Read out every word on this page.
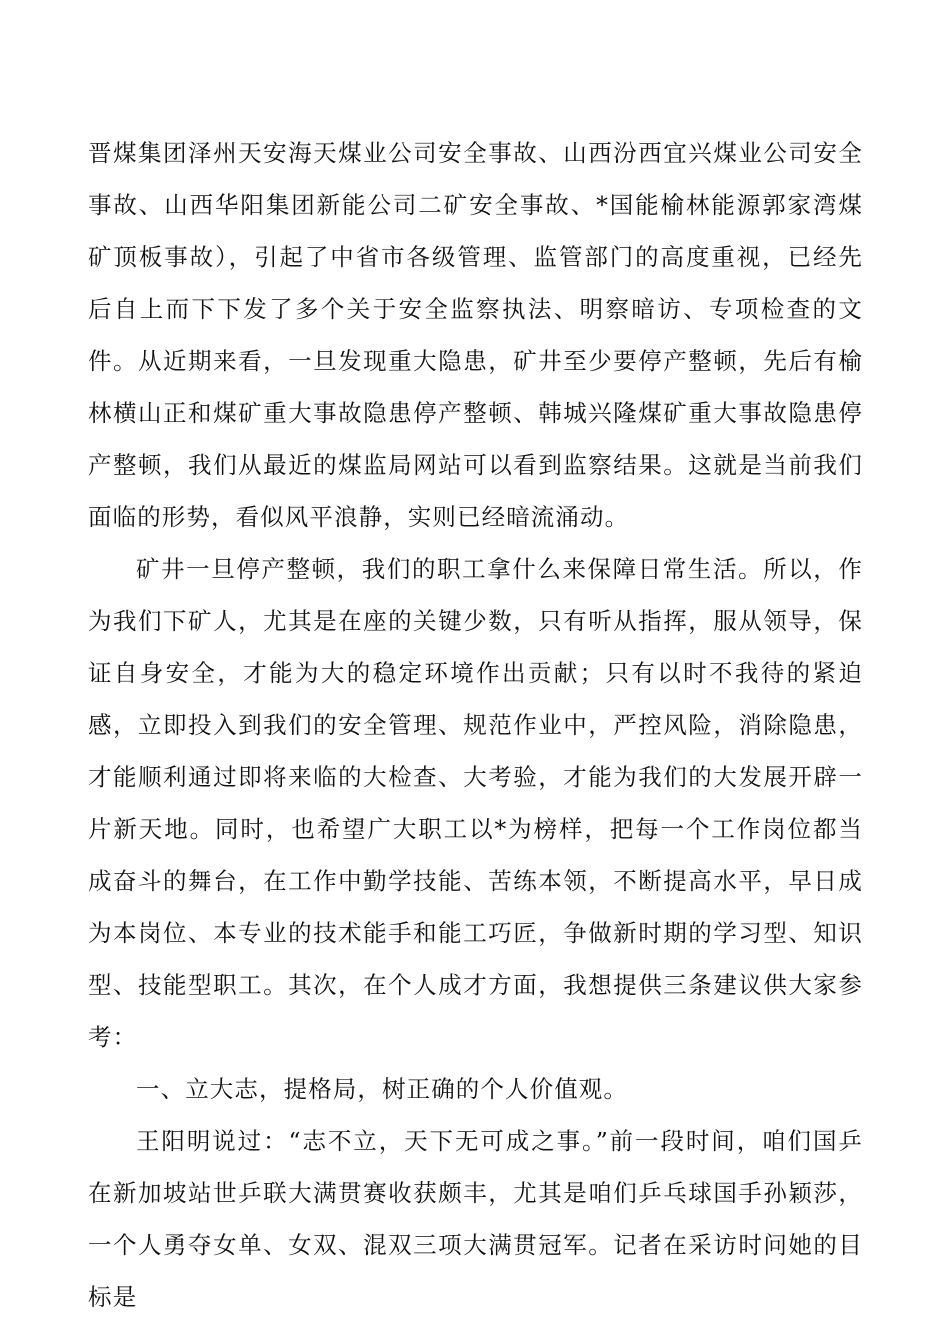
晋煤集团泽州天安海天煤业公司安全事故、山西汾西宜兴煤业公司安全事故、山西华阳集团新能公司二矿安全事故、*国能榆林能源郭家湾煤矿顶板事故），引起了中省市各级管理、监管部门的高度重视，已经先后自上而下下发了多个关于安全监察执法、明察暗访、专项检查的文件。从近期来看，一旦发现重大隐患，矿井至少要停产整顿，先后有榆林横山正和煤矿重大事故隐患停产整顿、韩城兴隆煤矿重大事故隐患停产整顿，我们从最近的煤监局网站可以看到监察结果。这就是当前我们面临的形势，看似风平浪静，实则已经暗流涌动。

矿井一旦停产整顿，我们的职工拿什么来保障日常生活。所以，作为我们下矿人，尤其是在座的关键少数，只有听从指挥，服从领导，保证自身安全，才能为大的稳定环境作出贡献；只有以时不我待的紧迫感，立即投入到我们的安全管理、规范作业中，严控风险，消除隐患，才能顺利通过即将来临的大检查、大考验，才能为我们的大发展开辟一片新天地。同时，也希望广大职工以*为榜样，把每一个工作岗位都当成奋斗的舞台，在工作中勤学技能、苦练本领，不断提高水平，早日成为本岗位、本专业的技术能手和能工巧匠，争做新时期的学习型、知识型、技能型职工。其次，在个人成才方面，我想提供三条建议供大家参考：

一、立大志，提格局，树正确的个人价值观。

王阳明说过：“志不立，天下无可成之事。”前一段时间，咱们国乒在新加坡站世乒联大满贯赛收获颇丰，尤其是咱们乒乓球国手孙颖莎，一个人勇夺女单、女双、混双三项大满贯冠军。记者在采访时问她的目标是
